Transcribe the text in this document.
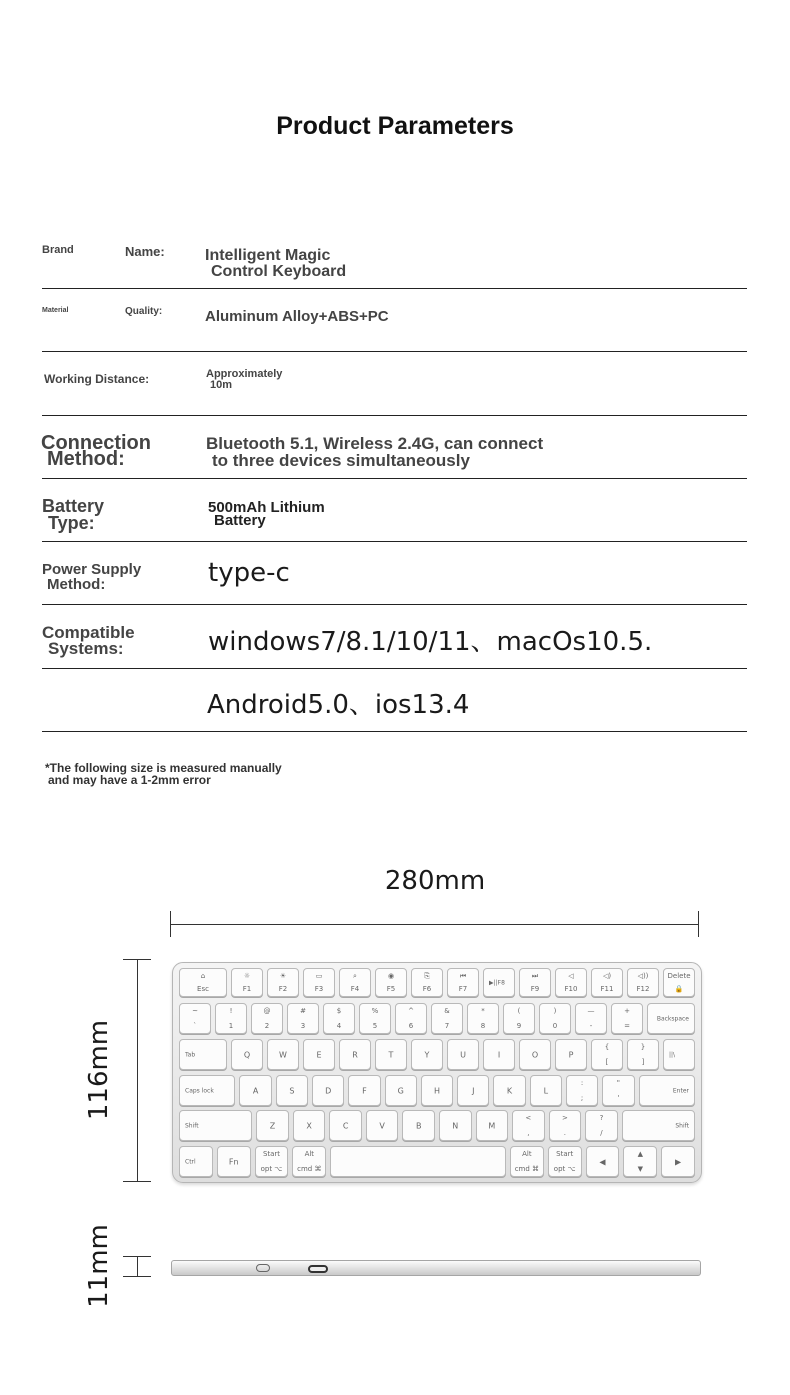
Product Parameters
Brand	Name:	Intelligent Magic
Control Keyboard
Material	Quality:	Aluminum Alloy+ABS+PC
Working Distance:	Approximately
10m
Connection
Method:
Bluetooth 5.1, Wireless 2.4G, can connect
to three devices simultaneously
Battery
Type:
500mAh Lithium
Battery
Power Supply
Method:	type-c
Compatible
Systems:	windows7/8.1/10/11、macOs10.5.
Android5.0、ios13.4
*The following size is measured manually
and may have a 1-2mm error
280mm
116mm
⌂
Esc
☼
F1
☀
F2
▭
F3
⌕
F4
◉
F5
⎘
F6
⏮
F7
▶||F8
⏭
F9
◁
F10
◁)
F11
◁))
F12
Delete
🔒
~
`
!
1
@
2
#
3
$
4
%
5
^
6
&
7
*
8
(
9
)
0
—
-
+
=
Backspace
Tab	Q	W	E	R	T	Y	U	I	O	P
{
[
}
]
||\
Caps lock	A	S	D	F	G	H	J	K	L
:
;
"
'
Enter
Shift	Z	X	C	V	B	N	M
<
,
>
.
?
/
Shift
Ctrl	Fn
Start
opt ⌥
Alt
cmd ⌘
Alt
cmd ⌘
Start
opt ⌥
◀
▲
▼
▶
11mm
